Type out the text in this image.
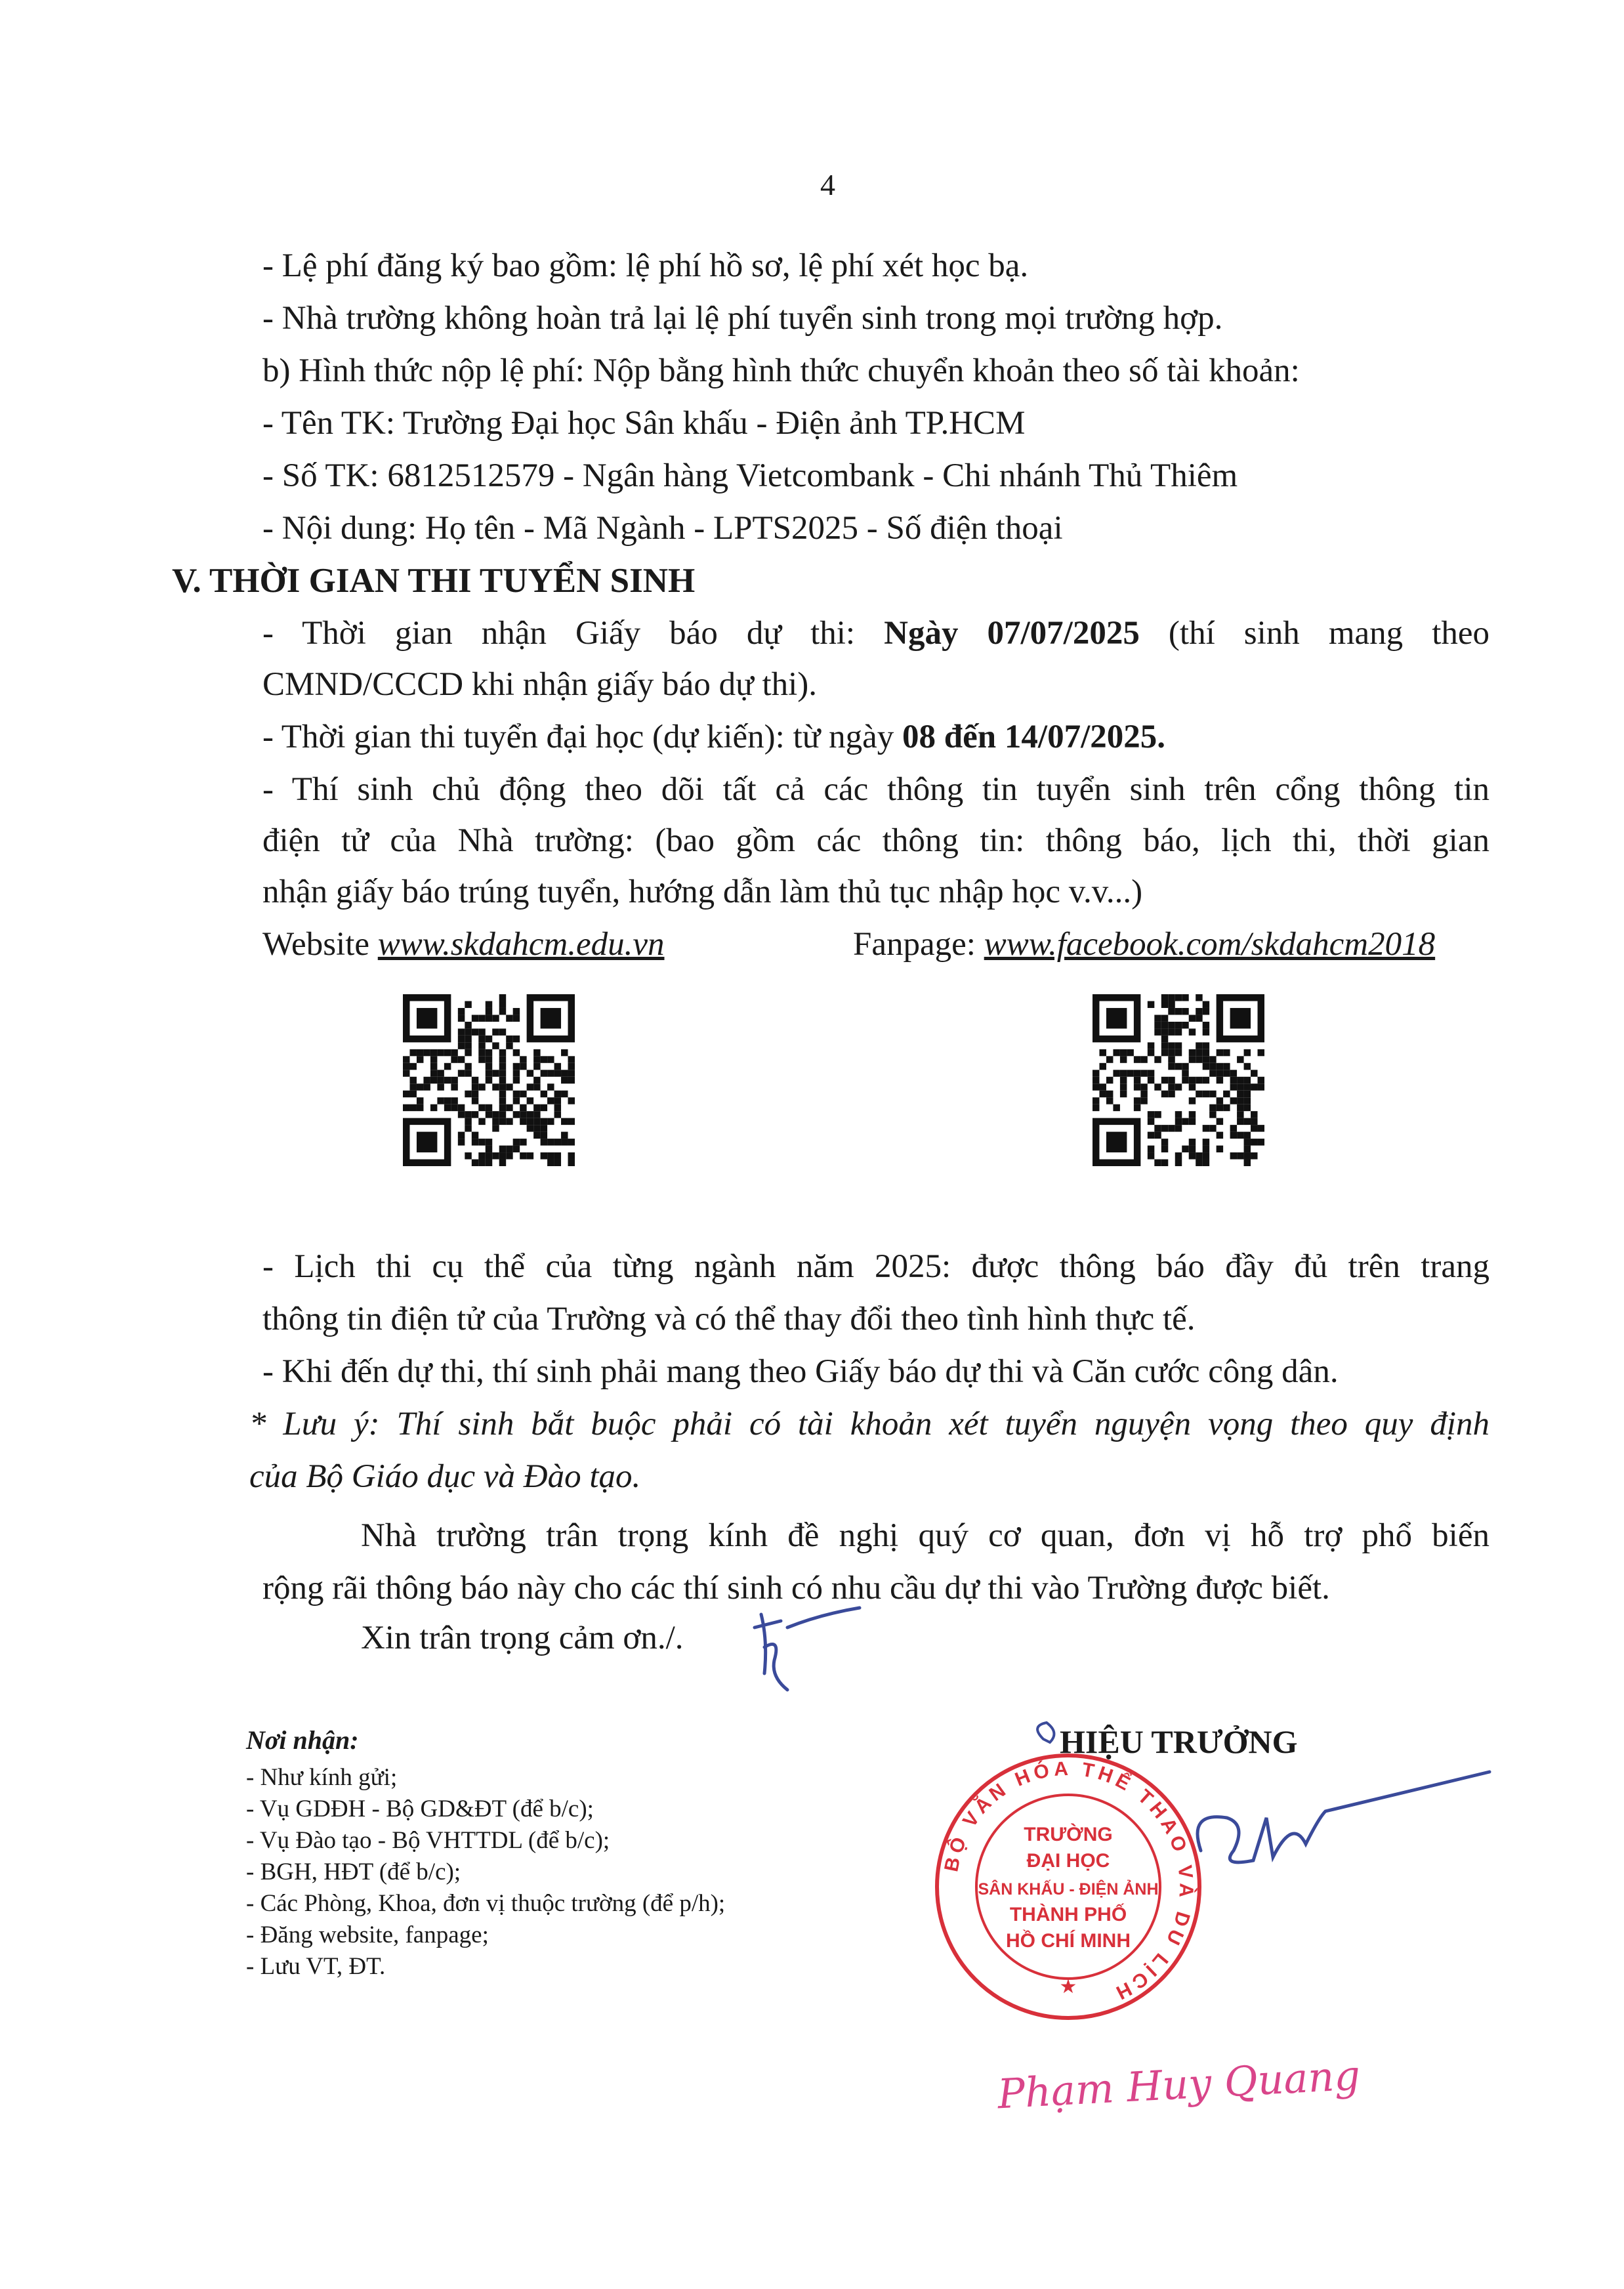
4
- Lệ phí đăng ký bao gồm: lệ phí hồ sơ, lệ phí xét học bạ.
- Nhà trường không hoàn trả lại lệ phí tuyển sinh trong mọi trường hợp.
b) Hình thức nộp lệ phí: Nộp bằng hình thức chuyển khoản theo số tài khoản:
- Tên TK: Trường Đại học Sân khấu - Điện ảnh TP.HCM
- Số TK: 6812512579 - Ngân hàng Vietcombank - Chi nhánh Thủ Thiêm
- Nội dung: Họ tên - Mã Ngành - LPTS2025 - Số điện thoại
V. THỜI GIAN THI TUYỂN SINH
- Thời gian nhận Giấy báo dự thi: Ngày 07/07/2025 (thí sinh mang theo
CMND/CCCD khi nhận giấy báo dự thi).
- Thời gian thi tuyển đại học (dự kiến): từ ngày 08 đến 14/07/2025.
- Thí sinh chủ động theo dõi tất cả các thông tin tuyển sinh trên cổng thông tin
điện tử của Nhà trường: (bao gồm các thông tin: thông báo, lịch thi, thời gian
nhận giấy báo trúng tuyển, hướng dẫn làm thủ tục nhập học v.v...)
Website www.skdahcm.edu.vn	Fanpage: www.facebook.com/skdahcm2018
- Lịch thi cụ thể của từng ngành năm 2025: được thông báo đầy đủ trên trang
thông tin điện tử của Trường và có thể thay đổi theo tình hình thực tế.
- Khi đến dự thi, thí sinh phải mang theo Giấy báo dự thi và Căn cước công dân.
* Lưu ý: Thí sinh bắt buộc phải có tài khoản xét tuyển nguyện vọng theo quy định
của Bộ Giáo dục và Đào tạo.
Nhà trường trân trọng kính đề nghị quý cơ quan, đơn vị hỗ trợ phổ biến
rộng rãi thông báo này cho các thí sinh có nhu cầu dự thi vào Trường được biết.
Xin trân trọng cảm ơn./.
Nơi nhận:
- Như kính gửi;
- Vụ GDĐH - Bộ GD&ĐT (để b/c);
- Vụ Đào tạo - Bộ VHTTDL (để b/c);
- BGH, HĐT (để b/c);
- Các Phòng, Khoa, đơn vị thuộc trường (để p/h);
- Đăng website, fanpage;
- Lưu VT, ĐT.
HIỆU TRƯỞNG
BỘ VĂN HÓA THỂ THAO VÀ DU LỊCH
TRƯỜNG
ĐẠI HỌC
SÂN KHẤU - ĐIỆN ẢNH
THÀNH PHỐ
HỒ CHÍ MINH
★
Phạm Huy Quang
